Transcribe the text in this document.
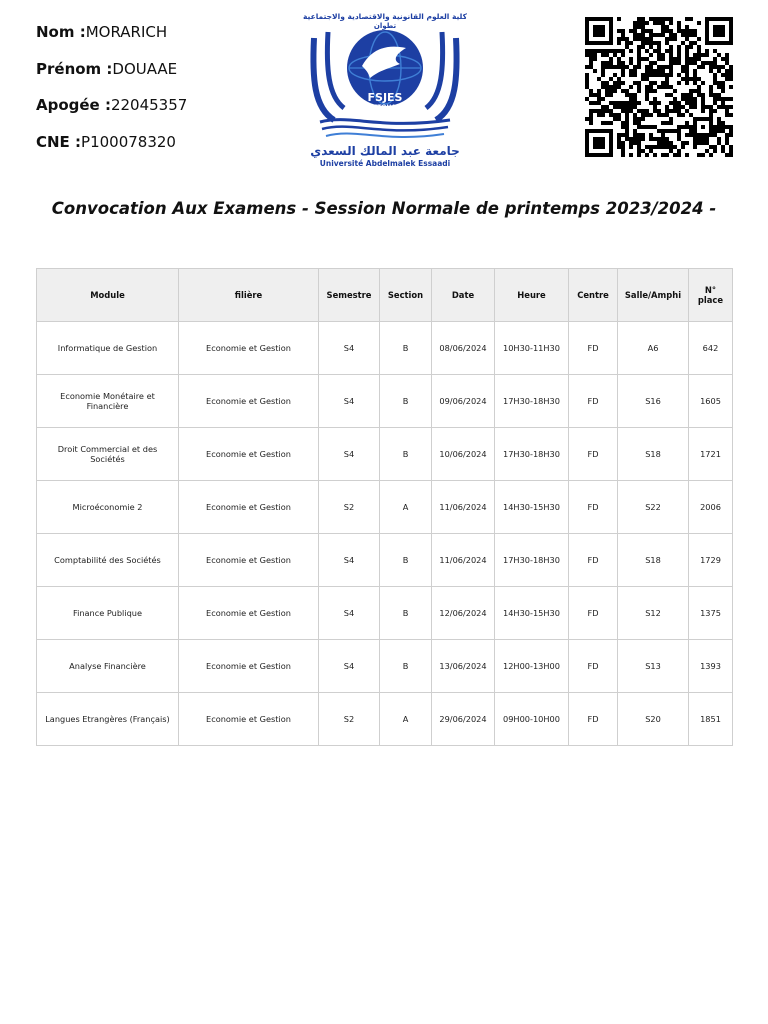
Nom :MORARICH
Prénom :DOUAAE
Apogée :22045357
CNE :P100078320
كلية العلوم القانونية والاقتصادية والاجتماعية
تطوان
FSJES
TETOUAN
جامعة عبد المالك السعدي
Université Abdelmalek Essaadi
Convocation Aux Examens - Session Normale de printemps 2023/2024 -
Module	filière	Semestre	Section	Date	Heure	Centre	Salle/Amphi	N° place
Informatique de Gestion	Economie et Gestion	S4	B	08/06/2024	10H30-11H30	FD	A6	642
Economie Monétaire et Financière	Economie et Gestion	S4	B	09/06/2024	17H30-18H30	FD	S16	1605
Droit Commercial et des Sociétés	Economie et Gestion	S4	B	10/06/2024	17H30-18H30	FD	S18	1721
Microéconomie 2	Economie et Gestion	S2	A	11/06/2024	14H30-15H30	FD	S22	2006
Comptabilité des Sociétés	Economie et Gestion	S4	B	11/06/2024	17H30-18H30	FD	S18	1729
Finance Publique	Economie et Gestion	S4	B	12/06/2024	14H30-15H30	FD	S12	1375
Analyse Financière	Economie et Gestion	S4	B	13/06/2024	12H00-13H00	FD	S13	1393
Langues Etrangères (Français)	Economie et Gestion	S2	A	29/06/2024	09H00-10H00	FD	S20	1851
